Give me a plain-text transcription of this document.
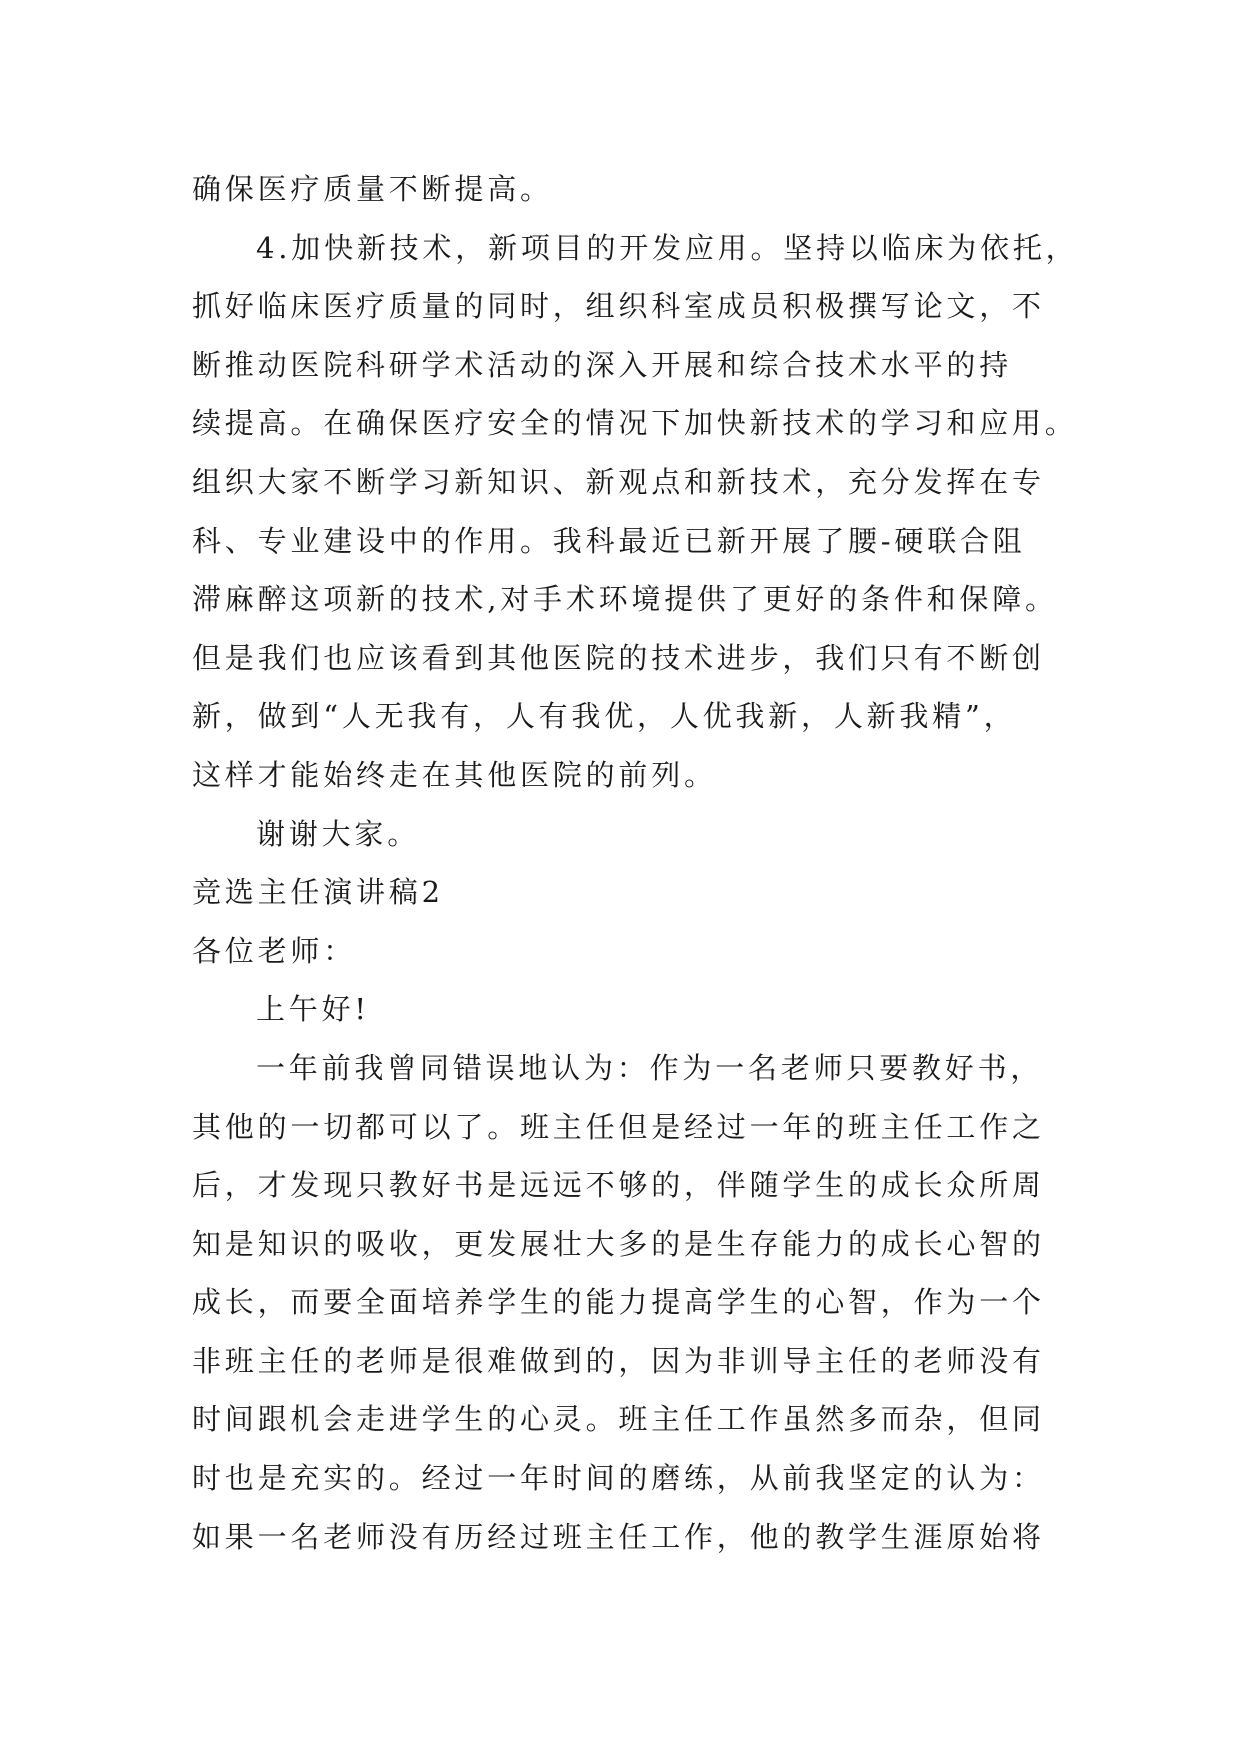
确保医疗质量不断提高。
4.加快新技术，新项目的开发应用。坚持以临床为依托，
抓好临床医疗质量的同时，组织科室成员积极撰写论文，不
断推动医院科研学术活动的深入开展和综合技术水平的持
续提高。在确保医疗安全的情况下加快新技术的学习和应用。
组织大家不断学习新知识、新观点和新技术，充分发挥在专
科、专业建设中的作用。我科最近已新开展了腰-硬联合阻
滞麻醉这项新的技术,对手术环境提供了更好的条件和保障。
但是我们也应该看到其他医院的技术进步，我们只有不断创
新，做到“人无我有，人有我优，人优我新，人新我精”，
这样才能始终走在其他医院的前列。
谢谢大家。
竞选主任演讲稿2
各位老师：
上午好!
一年前我曾同错误地认为：作为一名老师只要教好书，
其他的一切都可以了。班主任但是经过一年的班主任工作之
后，才发现只教好书是远远不够的，伴随学生的成长众所周
知是知识的吸收，更发展壮大多的是生存能力的成长心智的
成长，而要全面培养学生的能力提高学生的心智，作为一个
非班主任的老师是很难做到的，因为非训导主任的老师没有
时间跟机会走进学生的心灵。班主任工作虽然多而杂，但同
时也是充实的。经过一年时间的磨练，从前我坚定的认为：
如果一名老师没有历经过班主任工作，他的教学生涯原始将
